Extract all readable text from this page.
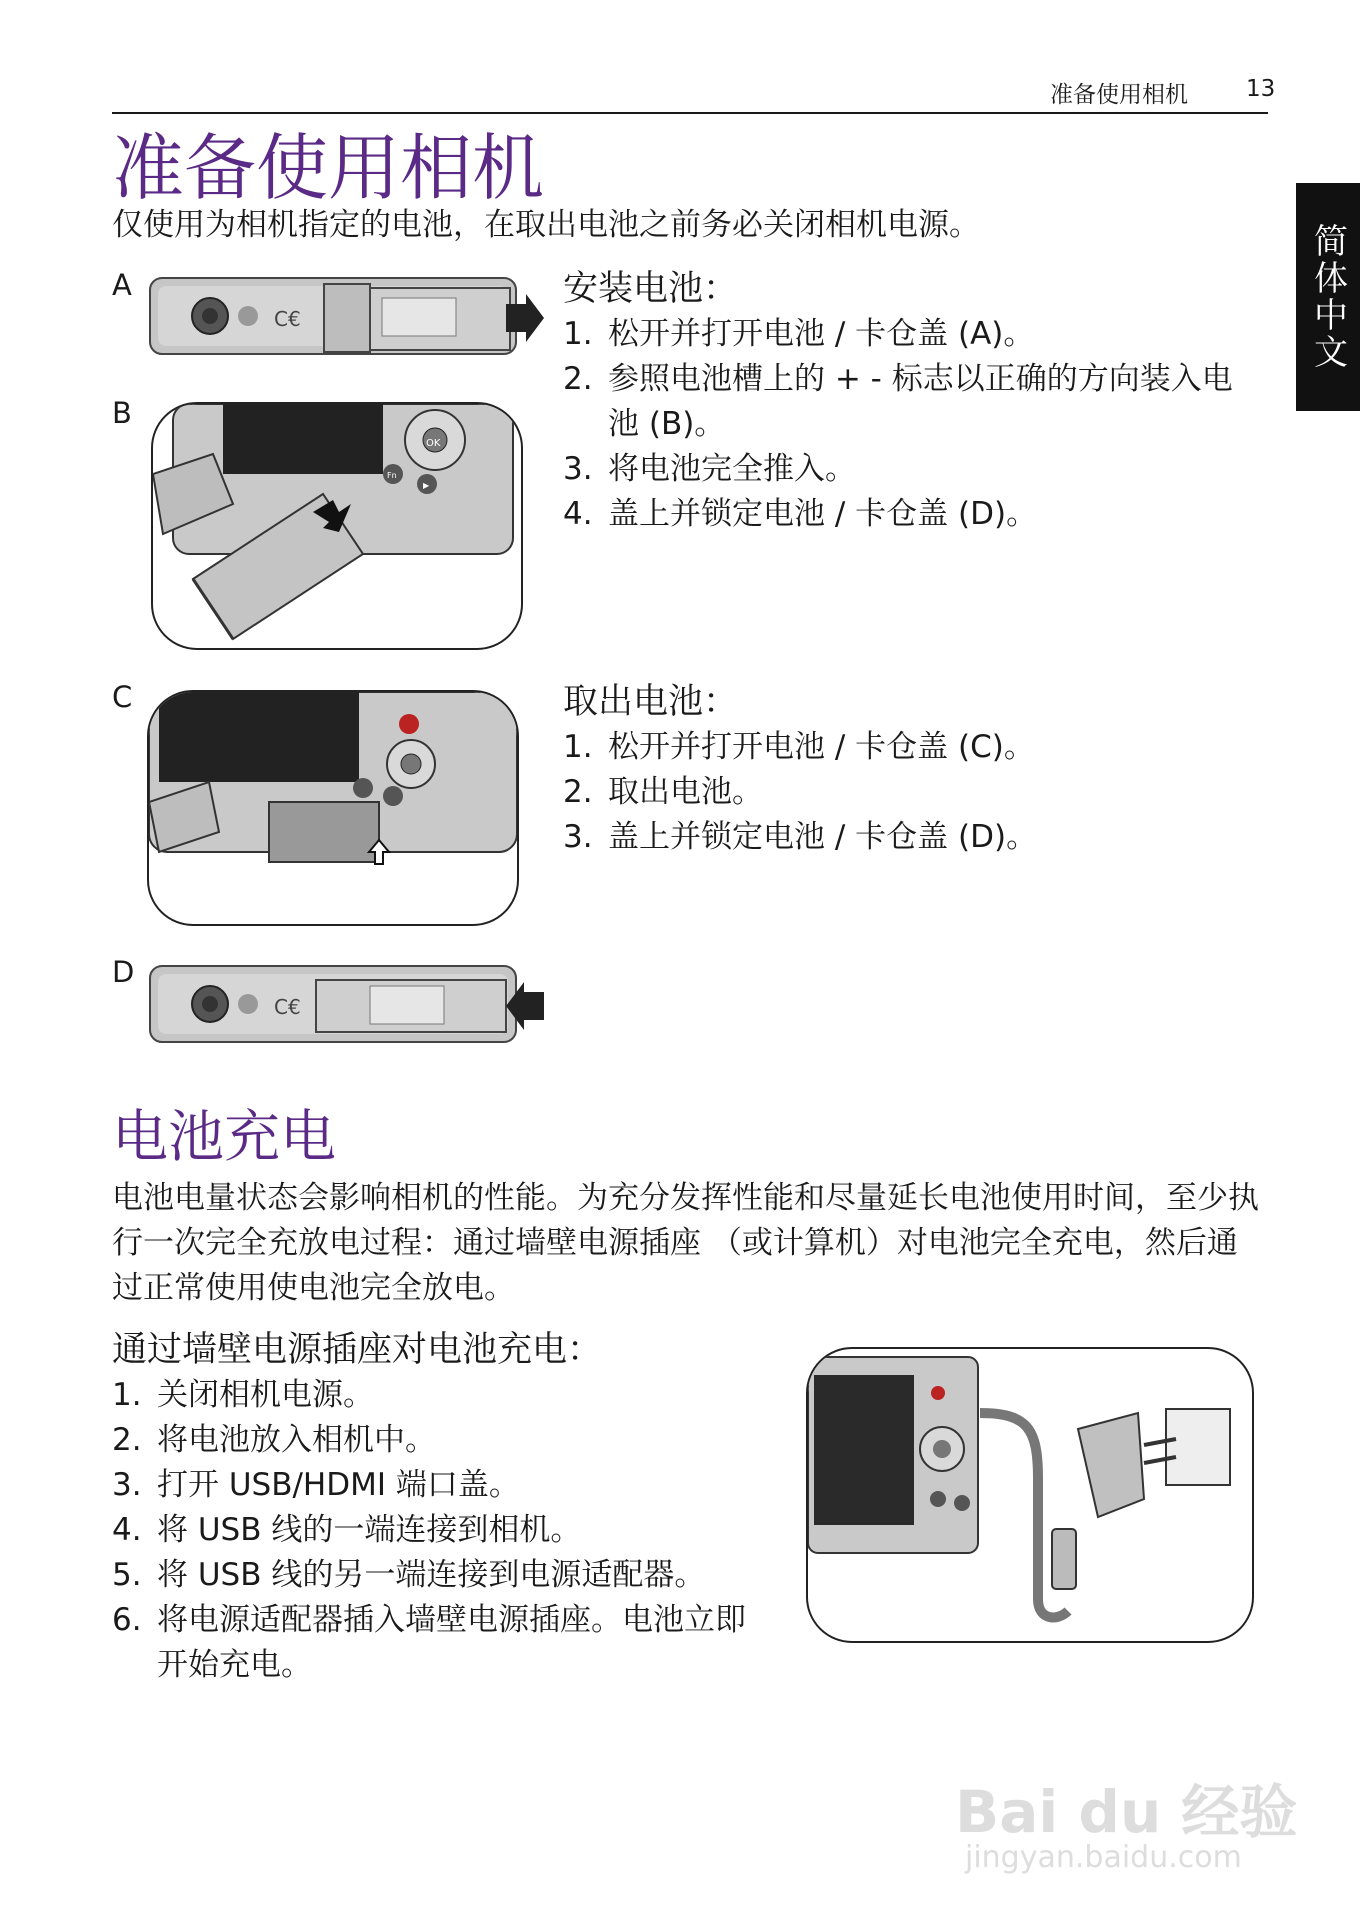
准备使用相机	13
简体中文
准备使用相机
仅使用为相机指定的电池，在取出电池之前务必关闭相机电源。
A
B
C
D
C€
OK
Fn
▶
C€
安装电池：
1. 松开并打开电池 / 卡仓盖 (A)。
2. 参照电池槽上的 + - 标志以正确的方向装入电池 (B)。
3. 将电池完全推入。
4. 盖上并锁定电池 / 卡仓盖 (D)。
取出电池：
1. 松开并打开电池 / 卡仓盖 (C)。
2. 取出电池。
3. 盖上并锁定电池 / 卡仓盖 (D)。
电池充电
电池电量状态会影响相机的性能。为充分发挥性能和尽量延长电池使用时间，至少执行一次完全充放电过程：通过墙壁电源插座 （或计算机）对电池完全充电，然后通过正常使用使电池完全放电。
通过墙壁电源插座对电池充电：
1. 关闭相机电源。
2. 将电池放入相机中。
3. 打开 USB/HDMI 端口盖。
4. 将 USB 线的一端连接到相机。
5. 将 USB 线的另一端连接到电源适配器。
6. 将电源适配器插入墙壁电源插座。电池立即开始充电。
Bai du 经验
jingyan.baidu.com
